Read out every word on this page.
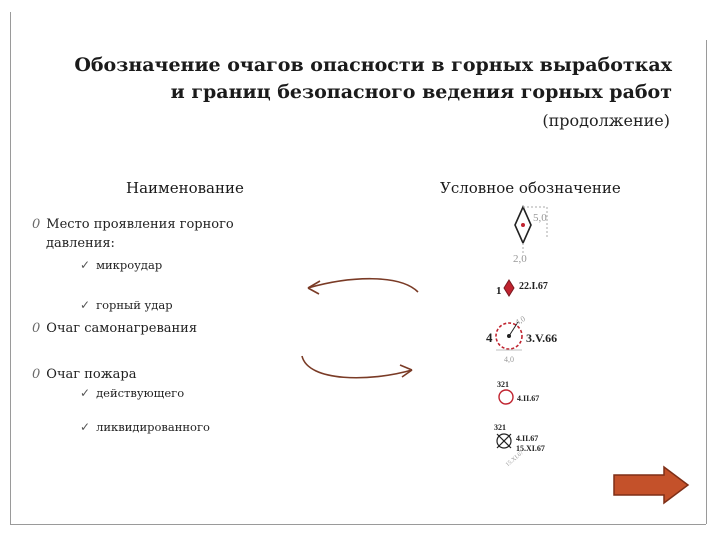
Обозначение очагов опасности в горных выработках
и границ безопасного ведения горных работ
(продолжение)
Наименование	Условное обозначение
0 Место проявления горного
давления:
✓ микроудар
✓ горный удар
0 Очаг самонагревания
0 Очаг пожара
✓ действующего
✓ ликвидированного
5,0
2,0
1 22.I.67
4
4,0
3.V.66
4,0
321
4.II.67
321
4.II.67
15.XI.67
15.XI.67
